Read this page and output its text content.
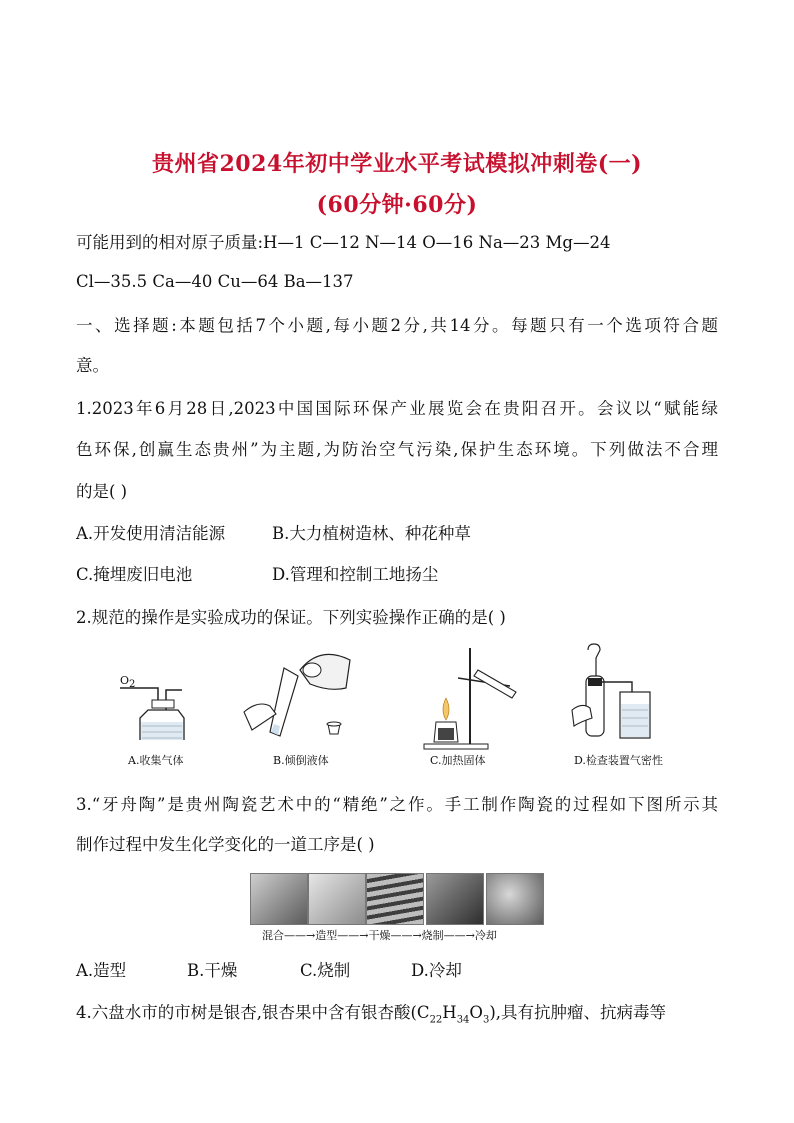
贵州省2024年初中学业水平考试模拟冲刺卷(一)
(60分钟·60分)
可能用到的相对原子质量:H—1 C—12 N—14 O—16 Na—23 Mg—24
Cl—35.5 Ca—40 Cu—64 Ba—137
一、选择题:本题包括7个小题,每小题2分,共14分。每题只有一个选项符合题
意。
1.2023年6月28日,2023中国国际环保产业展览会在贵阳召开。会议以“赋能绿
色环保,创赢生态贵州”为主题,为防治空气污染,保护生态环境。下列做法不合理
的是( )
A.开发使用清洁能源	B.大力植树造林、种花种草
C.掩埋废旧电池	D.管理和控制工地扬尘
2.规范的操作是实验成功的保证。下列实验操作正确的是( )
$O_2$
A.收集气体	B.倾倒液体	C.加热固体	D.检查装置气密性
3.“牙舟陶”是贵州陶瓷艺术中的“精绝”之作。手工制作陶瓷的过程如下图所示其
制作过程中发生化学变化的一道工序是( )
混合——→造型——→干燥——→烧制——→冷却
A.造型	B.干燥	C.烧制	D.冷却
4.六盘水市的市树是银杏,银杏果中含有银杏酸$(C_{22}H_{34}O_3)$,具有抗肿瘤、抗病毒等
